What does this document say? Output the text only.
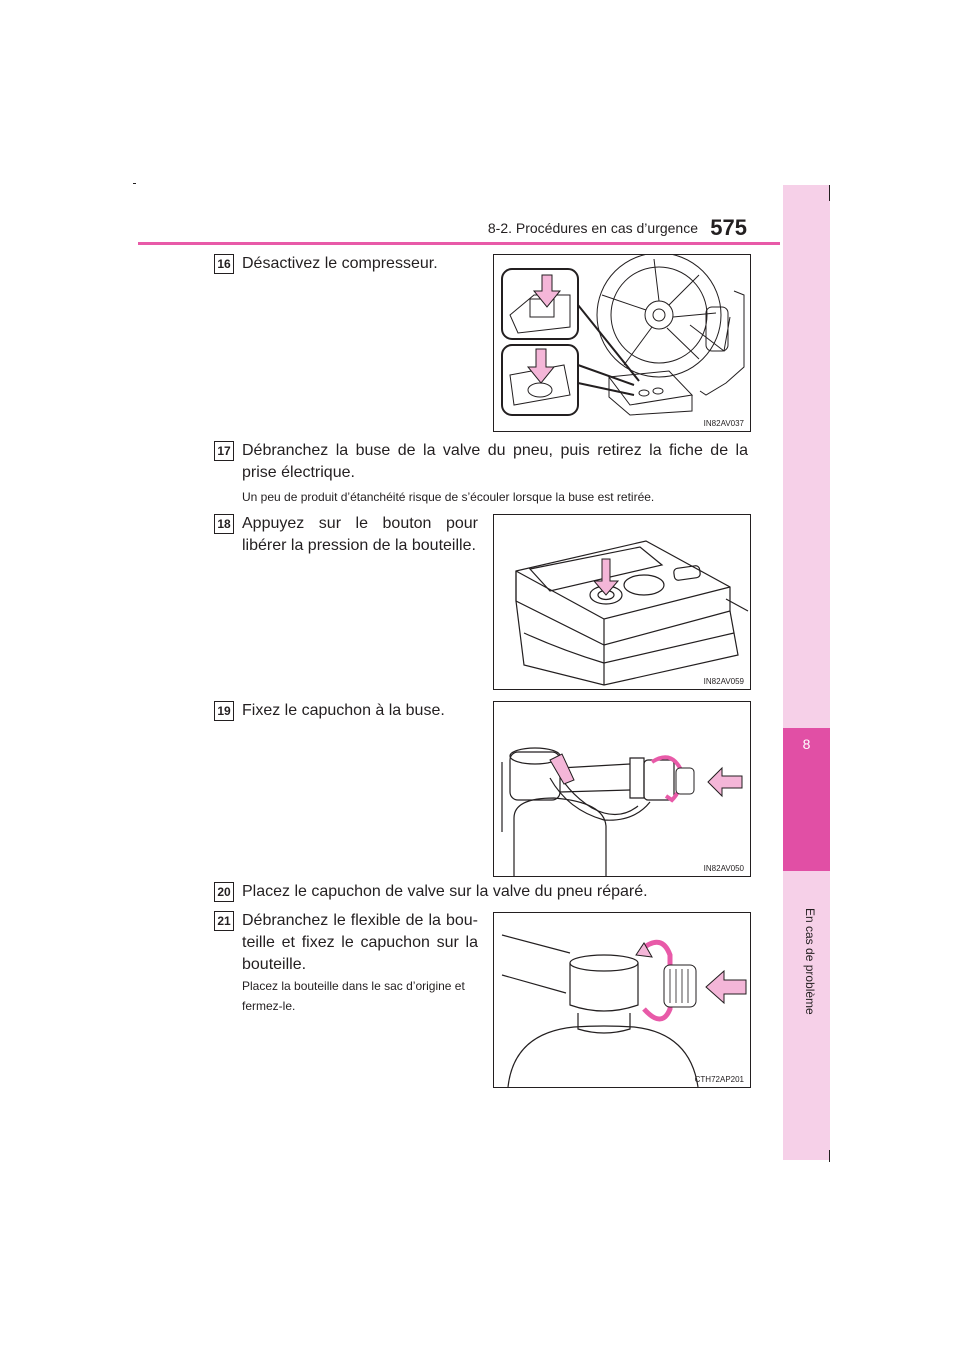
8
En cas de problème
8-2. Procédures en cas d’urgence 575
16 Désactivez le compresseur.
IN82AV037
17 Débranchez la buse de la valve du pneu, puis retirez la fiche de la prise électrique.
Un peu de produit d’étanchéité risque de s’écouler lorsque la buse est retirée.
18 Appuyez sur le bouton pour libérer la pression de la bouteille.
IN82AV059
19 Fixez le capuchon à la buse.
IN82AV050
20 Placez le capuchon de valve sur la valve du pneu réparé.
21 Débranchez le flexible de la bou-teille et fixez le capuchon sur la bouteille.
Placez la bouteille dans le sac d’origine et fermez-le.
CTH72AP201
